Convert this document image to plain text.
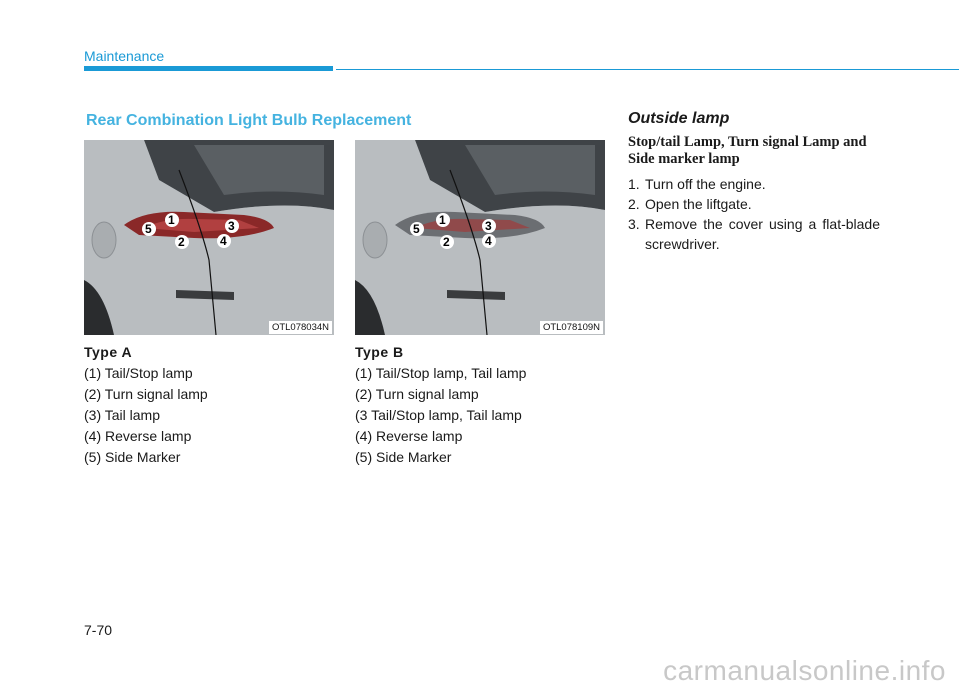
Maintenance
Rear Combination Light Bulb Replacement
1
2
3
4
5
OTL078034N
1
2
3
4
5
OTL078109N
Type A
(1) Tail/Stop lamp
(2) Turn signal lamp
(3) Tail lamp
(4) Reverse lamp
(5) Side Marker
Type B
(1) Tail/Stop lamp, Tail lamp
(2) Turn signal lamp
(3 Tail/Stop lamp, Tail lamp
(4) Reverse lamp
(5) Side Marker
Outside lamp
Stop/tail Lamp, Turn signal Lamp and Side marker lamp
1. Turn off the engine.
2. Open the liftgate.
3. Remove the cover using a flat-blade screwdriver.
7-70
carmanualsonline.info
